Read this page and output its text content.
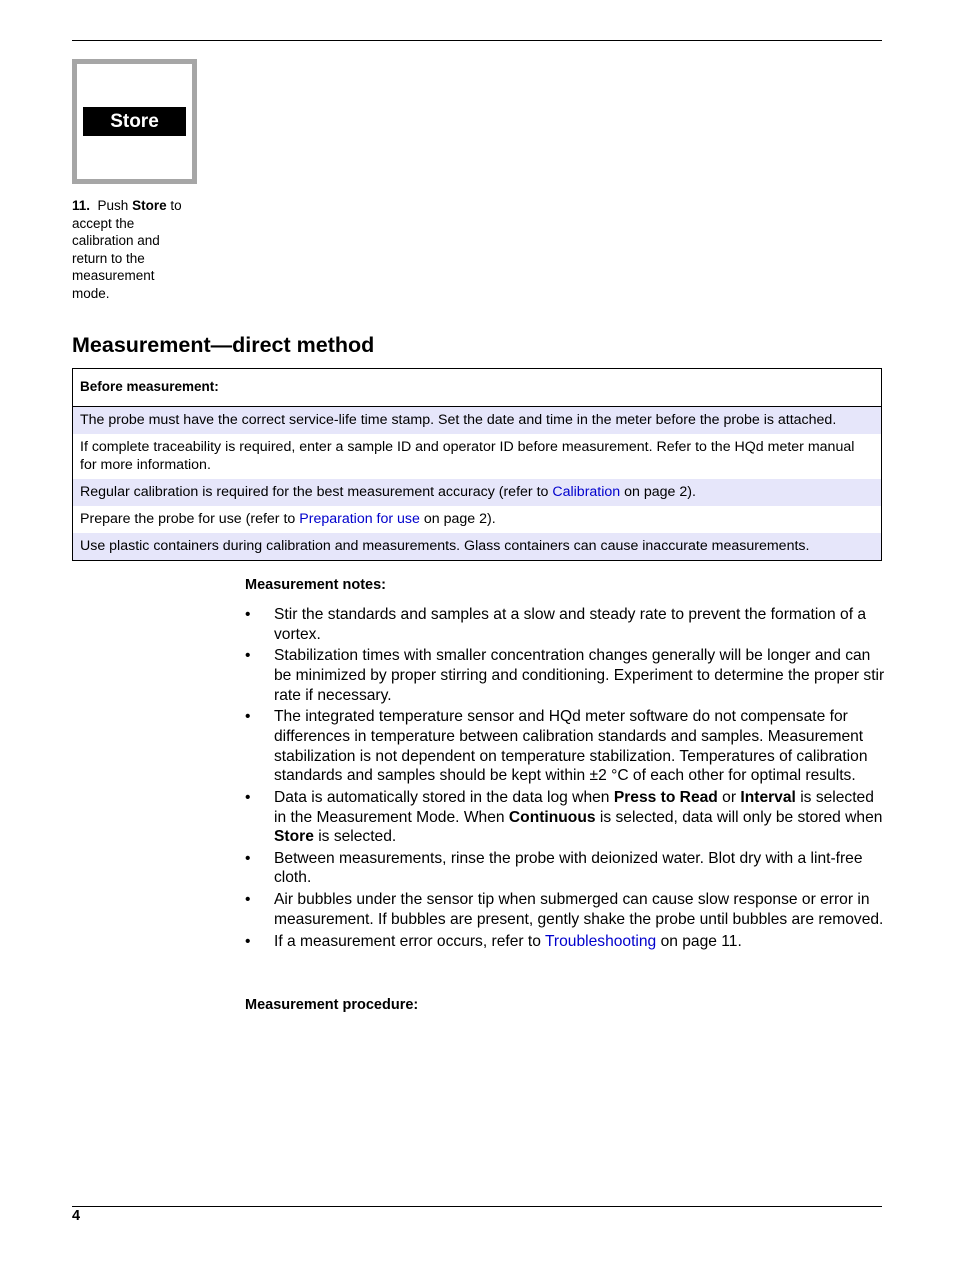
Store
11. Push Store to
accept the
calibration and
return to the
measurement
mode.
Measurement—direct method
Before measurement:
The probe must have the correct service-life time stamp. Set the date and time in the meter before the probe is attached.
If complete traceability is required, enter a sample ID and operator ID before measurement. Refer to the HQd meter manual for more information.
Regular calibration is required for the best measurement accuracy (refer to Calibration on page 2).
Prepare the probe for use (refer to Preparation for use on page 2).
Use plastic containers during calibration and measurements. Glass containers can cause inaccurate measurements.
Measurement notes:
• Stir the standards and samples at a slow and steady rate to prevent the formation of a vortex.
• Stabilization times with smaller concentration changes generally will be longer and can be minimized by proper stirring and conditioning. Experiment to determine the proper stir rate if necessary.
• The integrated temperature sensor and HQd meter software do not compensate for differences in temperature between calibration standards and samples. Measurement stabilization is not dependent on temperature stabilization. Temperatures of calibration standards and samples should be kept within ±2 °C of each other for optimal results.
• Data is automatically stored in the data log when Press to Read or Interval is selected in the Measurement Mode. When Continuous is selected, data will only be stored when Store is selected.
• Between measurements, rinse the probe with deionized water. Blot dry with a lint-free cloth.
• Air bubbles under the sensor tip when submerged can cause slow response or error in measurement. If bubbles are present, gently shake the probe until bubbles are removed.
• If a measurement error occurs, refer to Troubleshooting on page 11.
Measurement procedure:
4
